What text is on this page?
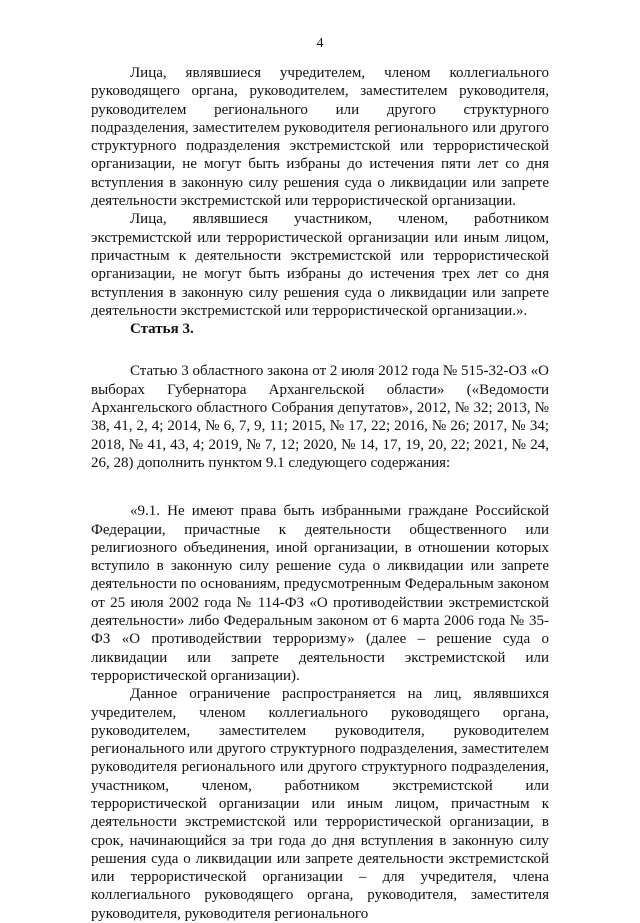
4

Лица, являвшиеся учредителем, членом коллегиального руководящего органа, руководителем, заместителем руководителя, руководителем регионального или другого структурного подразделения, заместителем руководителя регионального или другого структурного подразделения экстремистской или террористической организации, не могут быть избраны до истечения пяти лет со дня вступления в законную силу решения суда о ликвидации или запрете деятельности экстремистской или террористической организации.

Лица, являвшиеся участником, членом, работником экстремистской или террористической организации или иным лицом, причастным к деятельности экстремистской или террористической организации, не могут быть избраны до истечения трех лет со дня вступления в законную силу решения суда о ликвидации или запрете деятельности экстремистской или террористической организации.».

Статья 3.

Статью 3 областного закона от 2 июля 2012 года № 515-32-ОЗ «О выборах Губернатора Архангельской области» («Ведомости Архангельского областного Собрания депутатов», 2012, № 32; 2013, № 38, 41, 2, 4; 2014, № 6, 7, 9, 11; 2015, № 17, 22; 2016, № 26; 2017, № 34; 2018, № 41, 43, 4; 2019, № 7, 12; 2020, № 14, 17, 19, 20, 22; 2021, № 24, 26, 28) дополнить пунктом 9.1 следующего содержания:

«9.1. Не имеют права быть избранными граждане Российской Федерации, причастные к деятельности общественного или религиозного объединения, иной организации, в отношении которых вступило в законную силу решение суда о ликвидации или запрете деятельности по основаниям, предусмотренным Федеральным законом от 25 июля 2002 года № 114-ФЗ «О противодействии экстремистской деятельности» либо Федеральным законом от 6 марта 2006 года № 35-ФЗ «О противодействии терроризму» (далее – решение суда о ликвидации или запрете деятельности экстремистской или террористической организации).

Данное ограничение распространяется на лиц, являвшихся учредителем, членом коллегиального руководящего органа, руководителем, заместителем руководителя, руководителем регионального или другого структурного подразделения, заместителем руководителя регионального или другого структурного подразделения, участником, членом, работником экстремистской или террористической организации или иным лицом, причастным к деятельности экстремистской или террористической организации, в срок, начинающийся за три года до дня вступления в законную силу решения суда о ликвидации или запрете деятельности экстремистской или террористической организации – для учредителя, члена коллегиального руководящего органа, руководителя, заместителя руководителя, руководителя регионального
